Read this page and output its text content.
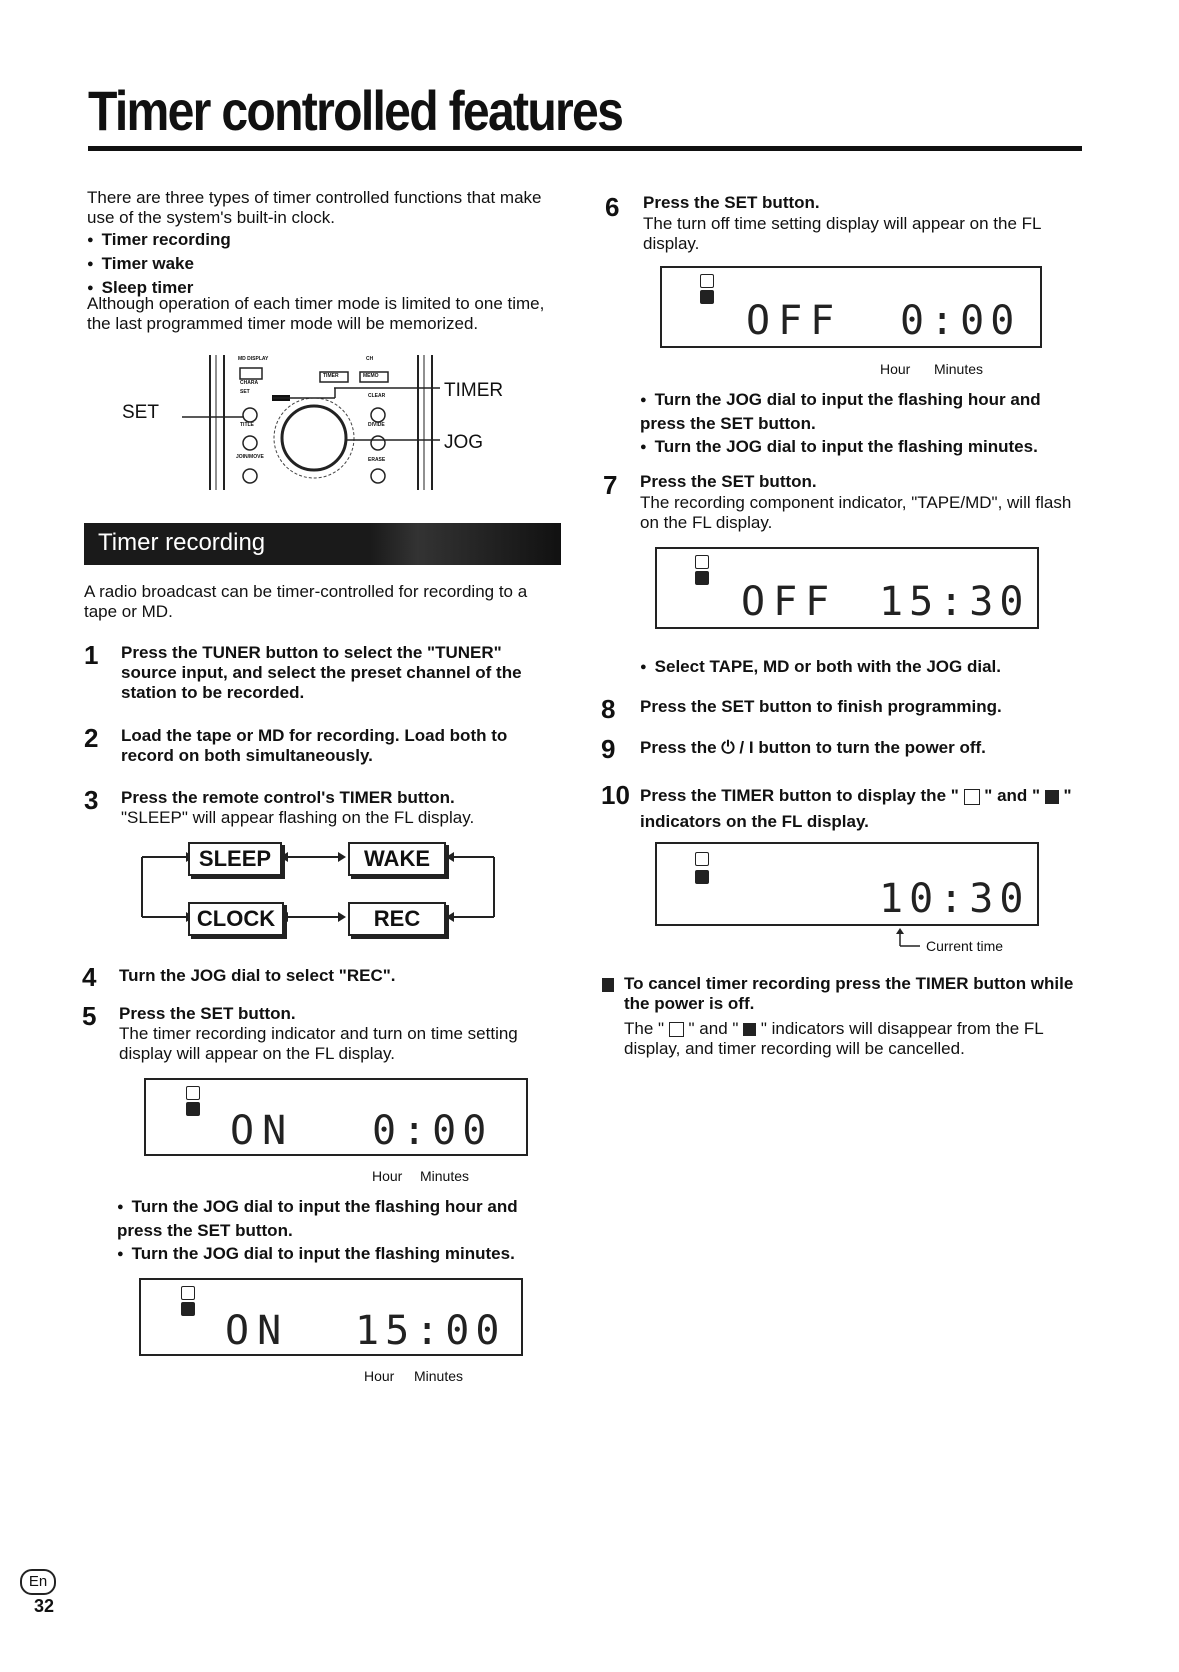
Timer controlled features
There are three types of timer controlled functions that make use of the system's built-in clock.
● Timer recording
● Timer wake
● Sleep timer
Although operation of each timer mode is limited to one time, the last programmed timer mode will be memorized.
SET
TIMER
JOG
MD DISPLAY	CH
CHARA
SET
TIMER	MEMO
CLEAR
TITLE	DIVIDE
JOIN/MOVE	ERASE
Timer recording
A radio broadcast can be timer-controlled for recording to a tape or MD.
1 Press the TUNER button to select the "TUNER" source input, and select the preset channel of the station to be recorded.
2 Load the tape or MD for recording. Load both to record on both simultaneously.
3 Press the remote control's TIMER button.
"SLEEP" will appear flashing on the FL display.
SLEEP	WAKE
CLOCK	REC
4 Turn the JOG dial to select "REC".
5 Press the SET button.
The timer recording indicator and turn on time setting display will appear on the FL display.
ON 0:00
Hour Minutes
● Turn the JOG dial to input the flashing hour and press the SET button.
● Turn the JOG dial to input the flashing minutes.
ON 15:00
Hour Minutes
6 Press the SET button.
The turn off time setting display will appear on the FL display.
OFF 0:00
Hour Minutes
● Turn the JOG dial to input the flashing hour and press the SET button.
● Turn the JOG dial to input the flashing minutes.
7 Press the SET button.
The recording component indicator, "TAPE/MD", will flash on the FL display.
OFF 15:30
● Select TAPE, MD or both with the JOG dial.
8 Press the SET button to finish programming.
9 Press the ⏻ / I button to turn the power off.
10 Press the TIMER button to display the " " and " " indicators on the FL display.
10:30
Current time
To cancel timer recording press the TIMER button while the power is off.
The " " and " " indicators will disappear from the FL display, and timer recording will be cancelled.
En
32
